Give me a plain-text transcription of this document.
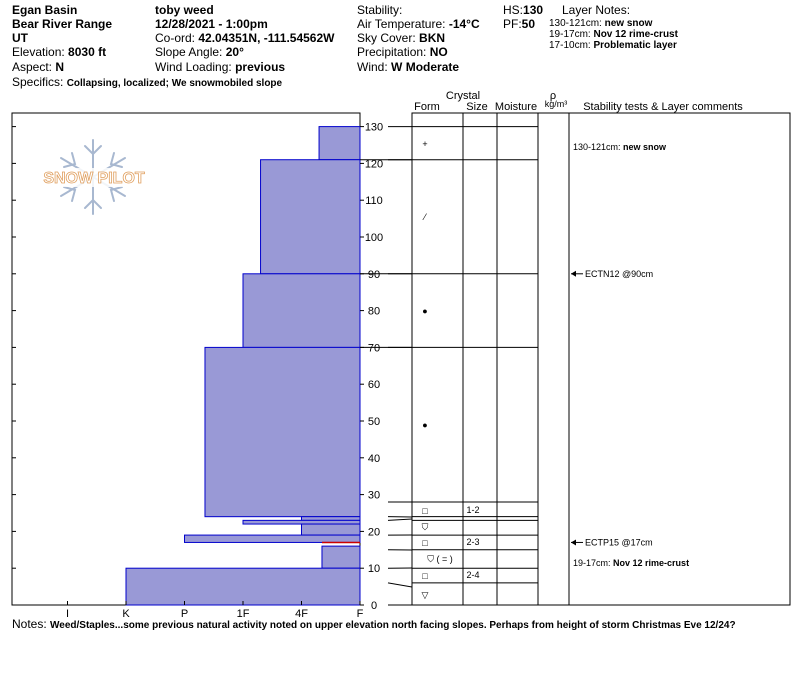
Egan Basin
Bear River Range
UT
Elevation: 8030 ft
Aspect: N
Specifics: Collapsing, localized; We snowmobiled slope
toby weed
12/28/2021 - 1:00pm
Co-ord: 42.04351N, -111.54562W
Slope Angle: 20°
Wind Loading: previous
Stability:
Air Temperature: -14°C
Sky Cover: BKN
Precipitation: NO
Wind: W Moderate
HS:130
PF:50
Layer Notes:
130-121cm: new snow
19-17cm: Nov 12 rime-crust
17-10cm: Problematic layer
Crystal
Form Size Moisture
ρ
kg/m³ Stability tests & Layer comments
I	K	P	1F	4F	F
0
10
20
30
40
50
60
70
80
90
100
110
120
130
+
⁄
●
●
□	1-2
⛉
□	2-3
⛉ ( = )
□	2-4
▽
130-121cm: new snow
ECTN12 @90cm
ECTP15 @17cm
19-17cm: Nov 12 rime-crust
SNOW PILOT
Notes: Weed/Staples...some previous natural activity noted on upper elevation north facing slopes. Perhaps from height of storm Christmas Eve 12/24?
